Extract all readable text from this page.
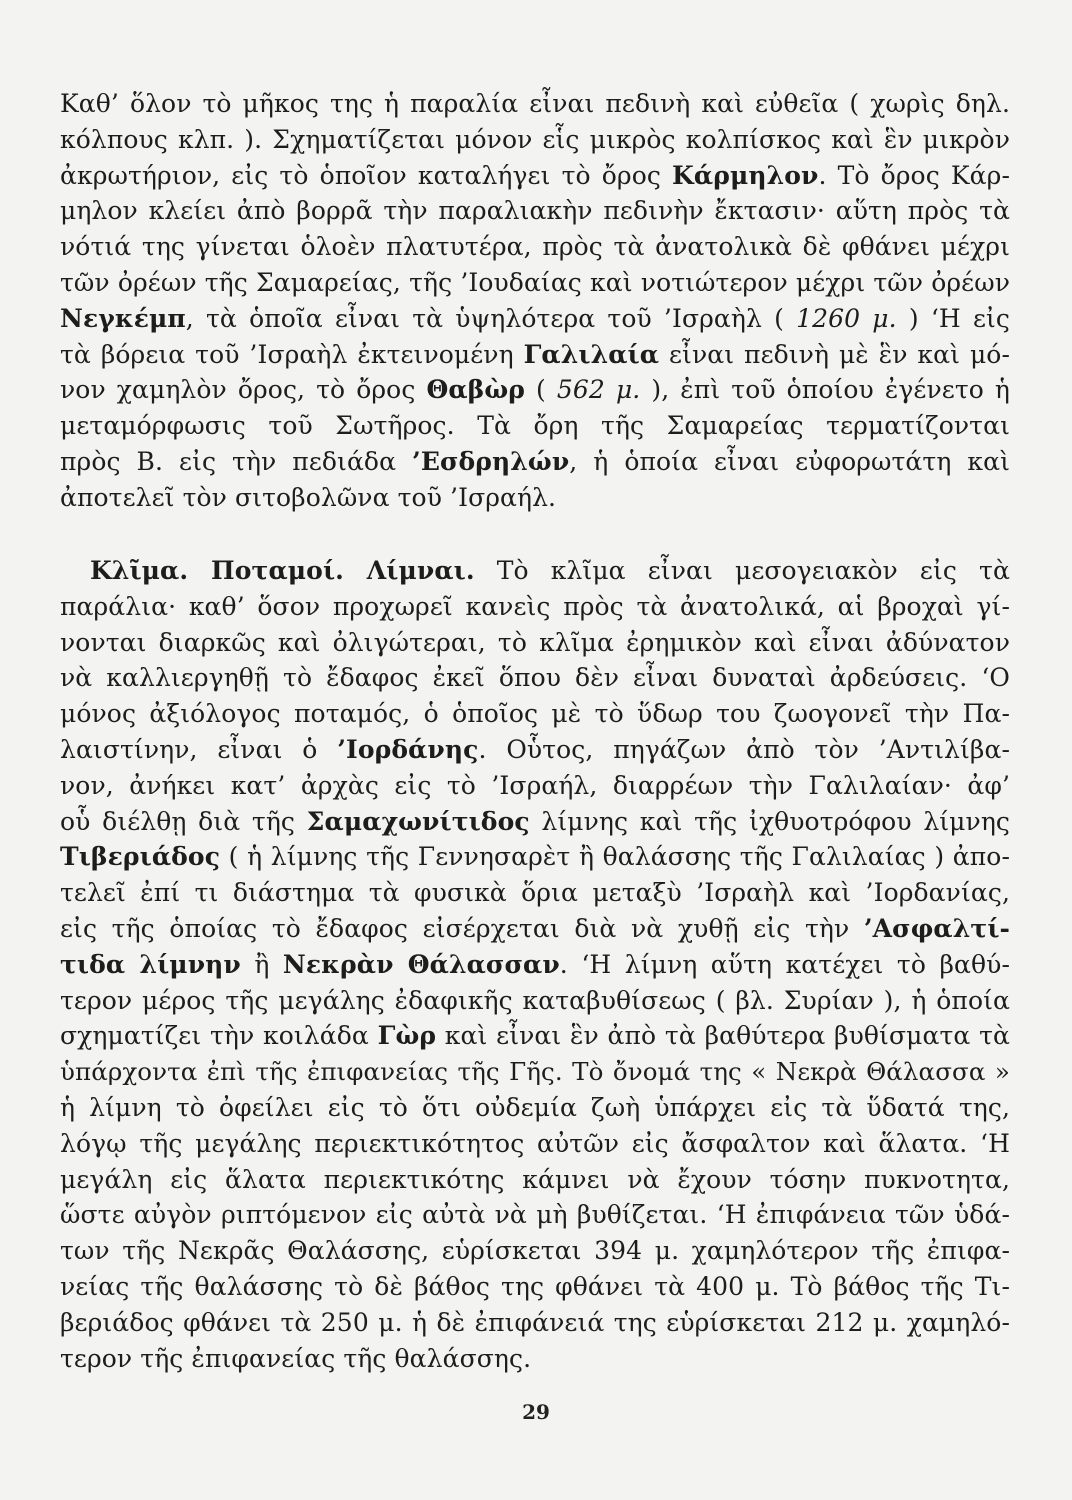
Καθ’ ὅλον τὸ μῆκος της ἡ παραλία εἶναι πεδινὴ καὶ εὐθεῖα ( χωρὶς δηλ.
κόλπους κλπ. ). Σχηματίζεται μόνον εἷς μικρὸς κολπίσκος καὶ ἓν μικρὸν
ἀκρωτήριον, εἰς τὸ ὁποῖον καταλήγει τὸ ὄρος Κάρμηλον. Τὸ ὄρος Κάρ-
μηλον κλείει ἀπὸ βορρᾶ τὴν παραλιακὴν πεδινὴν ἔκτασιν· αὕτη πρὸς τὰ
νότιά της γίνεται ὁλοὲν πλατυτέρα, πρὸς τὰ ἀνατολικὰ δὲ φθάνει μέχρι
τῶν ὀρέων τῆς Σαμαρείας, τῆς ’Ιουδαίας καὶ νοτιώτερον μέχρι τῶν ὀρέων
Νεγκέμπ, τὰ ὁποῖα εἶναι τὰ ὑψηλότερα τοῦ ’Ισραὴλ ( 1260 μ. ) ‘Η εἰς
τὰ βόρεια τοῦ ’Ισραὴλ ἐκτεινομένη Γαλιλαία εἶναι πεδινὴ μὲ ἓν καὶ μό-
νον χαμηλὸν ὄρος, τὸ ὄρος Θαβὼρ ( 562 μ. ), ἐπὶ τοῦ ὁποίου ἐγένετο ἡ
μεταμόρφωσις τοῦ Σωτῆρος. Τὰ ὄρη τῆς Σαμαρείας τερματίζονται
πρὸς Β. εἰς τὴν πεδιάδα ’Εσδρηλών, ἡ ὁποία εἶναι εὐφορωτάτη καὶ
ἀποτελεῖ τὸν σιτοβολῶνα τοῦ ’Ισραήλ.
Κλῖμα. Ποταμοί. Λίμναι. Τὸ κλῖμα εἶναι μεσογειακὸν εἰς τὰ
παράλια· καθ’ ὅσον προχωρεῖ κανεὶς πρὸς τὰ ἀνατολικά, αἱ βροχαὶ γί-
νονται διαρκῶς καὶ ὀλιγώτεραι, τὸ κλῖμα ἐρημικὸν καὶ εἶναι ἀδύνατον
νὰ καλλιεργηθῇ τὸ ἔδαφος ἐκεῖ ὅπου δὲν εἶναι δυναταὶ ἀρδεύσεις. ‘Ο
μόνος ἀξιόλογος ποταμός, ὁ ὁποῖος μὲ τὸ ὕδωρ του ζωογονεῖ τὴν Πα-
λαιστίνην, εἶναι ὁ ’Ιορδάνης. Οὗτος, πηγάζων ἀπὸ τὸν ’Αντιλίβα-
νον, ἀνήκει κατ’ ἀρχὰς εἰς τὸ ’Ισραήλ, διαρρέων τὴν Γαλιλαίαν· ἀφ’
οὗ διέλθῃ διὰ τῆς Σαμαχωνίτιδος λίμνης καὶ τῆς ἰχθυοτρόφου λίμνης
Τιβεριάδος ( ἡ λίμνης τῆς Γεννησαρὲτ ἢ θαλάσσης τῆς Γαλιλαίας ) ἀπο-
τελεῖ ἐπί τι διάστημα τὰ φυσικὰ ὅρια μεταξὺ ’Ισραὴλ καὶ ’Ιορδανίας,
εἰς τῆς ὁποίας τὸ ἔδαφος εἰσέρχεται διὰ νὰ χυθῇ εἰς τὴν ’Ασφαλτί-
τιδα λίμνην ἢ Νεκρὰν Θάλασσαν. ‘Η λίμνη αὕτη κατέχει τὸ βαθύ-
τερον μέρος τῆς μεγάλης ἐδαφικῆς καταβυθίσεως ( βλ. Συρίαν ), ἡ ὁποία
σχηματίζει τὴν κοιλάδα Γὼρ καὶ εἶναι ἓν ἀπὸ τὰ βαθύτερα βυθίσματα τὰ
ὑπάρχοντα ἐπὶ τῆς ἐπιφανείας τῆς Γῆς. Τὸ ὄνομά της « Νεκρὰ Θάλασσα »
ἡ λίμνη τὸ ὀφείλει εἰς τὸ ὅτι οὐδεμία ζωὴ ὑπάρχει εἰς τὰ ὕδατά της,
λόγῳ τῆς μεγάλης περιεκτικότητος αὐτῶν εἰς ἄσφαλτον καὶ ἅλατα. ‘Η
μεγάλη εἰς ἅλατα περιεκτικότης κάμνει νὰ ἔχουν τόσην πυκνοτητα,
ὥστε αὐγὸν ριπτόμενον εἰς αὐτὰ νὰ μὴ βυθίζεται. ‘Η ἐπιφάνεια τῶν ὑδά-
των τῆς Νεκρᾶς Θαλάσσης, εὑρίσκεται 394 μ. χαμηλότερον τῆς ἐπιφα-
νείας τῆς θαλάσσης τὸ δὲ βάθος της φθάνει τὰ 400 μ. Τὸ βάθος τῆς Τι-
βεριάδος φθάνει τὰ 250 μ. ἡ δὲ ἐπιφάνειά της εὑρίσκεται 212 μ. χαμηλό-
τερον τῆς ἐπιφανείας τῆς θαλάσσης.
29
